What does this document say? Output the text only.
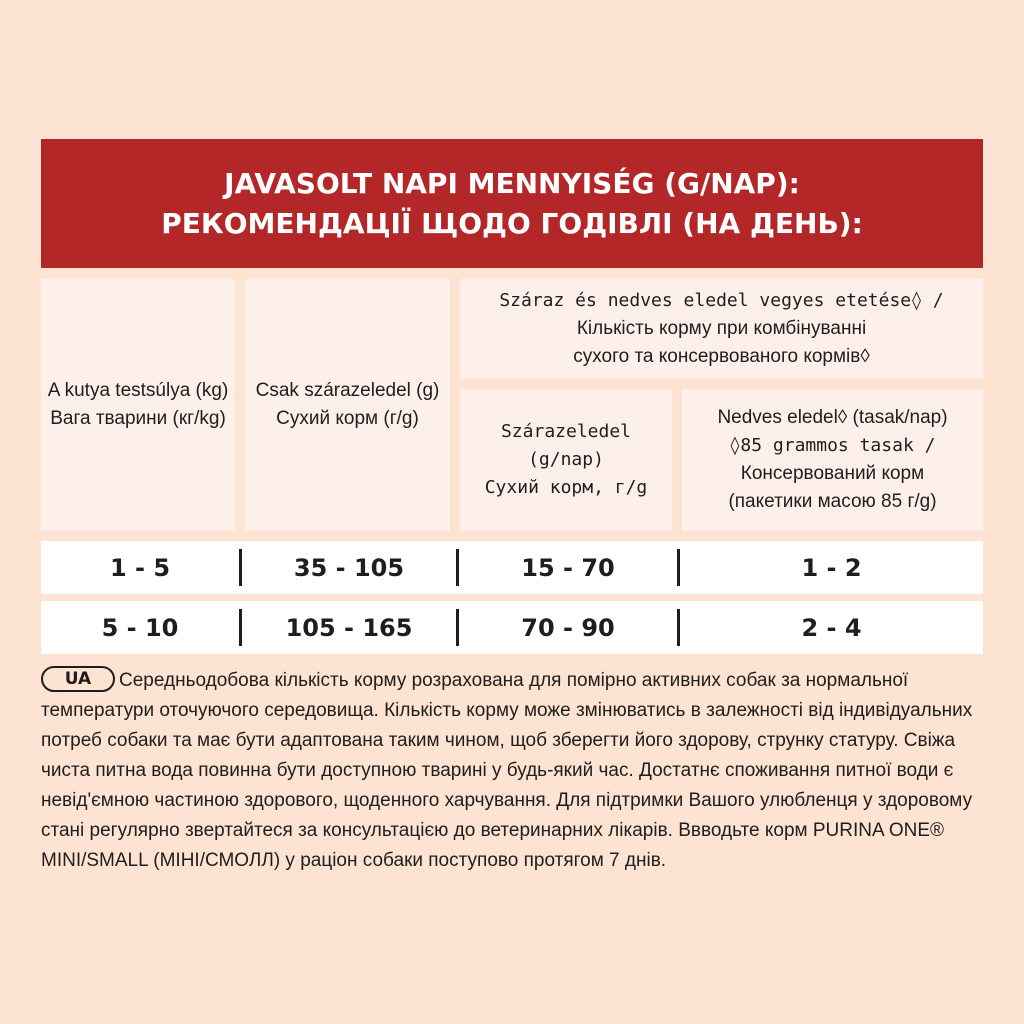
JAVASOLT NAPI MENNYISÉG (G/NAP):
РЕКОМЕНДАЦІЇ ЩОДО ГОДІВЛІ (НА ДЕНЬ):
A kutya testsúlya (kg)
Вага тварини (кг/kg)
Csak szárazeledel (g)
Сухий корм (г/g)
Száraz és nedves eledel vegyes etetése◊ /
Кількість корму при комбінуванні
сухого та консервованого кормів◊
Szárazeledel (g/nap)
Сухий корм, г/g
Nedves eledel◊ (tasak/nap)
◊85 grammos tasak /
Консервований корм
(пакетики масою 85 г/g)
1 - 5	35 - 105	15 - 70	1 - 2
5 - 10	105 - 165	70 - 90	2 - 4
UA Середньодобова кількість корму розрахована для помірно активних собак за нормальної температури оточуючого середовища. Кількість корму може змінюватись в залежності від індивідуальних потреб собаки та має бути адаптована таким чином, щоб зберегти його здорову, струнку статуру. Свіжа чиста питна вода повинна бути доступною тварині у будь-який час. Достатнє споживання питної води є невід'ємною частиною здорового, щоденного харчування. Для підтримки Вашого улюбленця у здоровому стані регулярно звертайтеся за консультацією до ветеринарних лікарів. Ввводьте корм PURINA ONE® MINI/SMALL (МІНІ/СМОЛЛ) у раціон собаки поступово протягом 7 днів.
